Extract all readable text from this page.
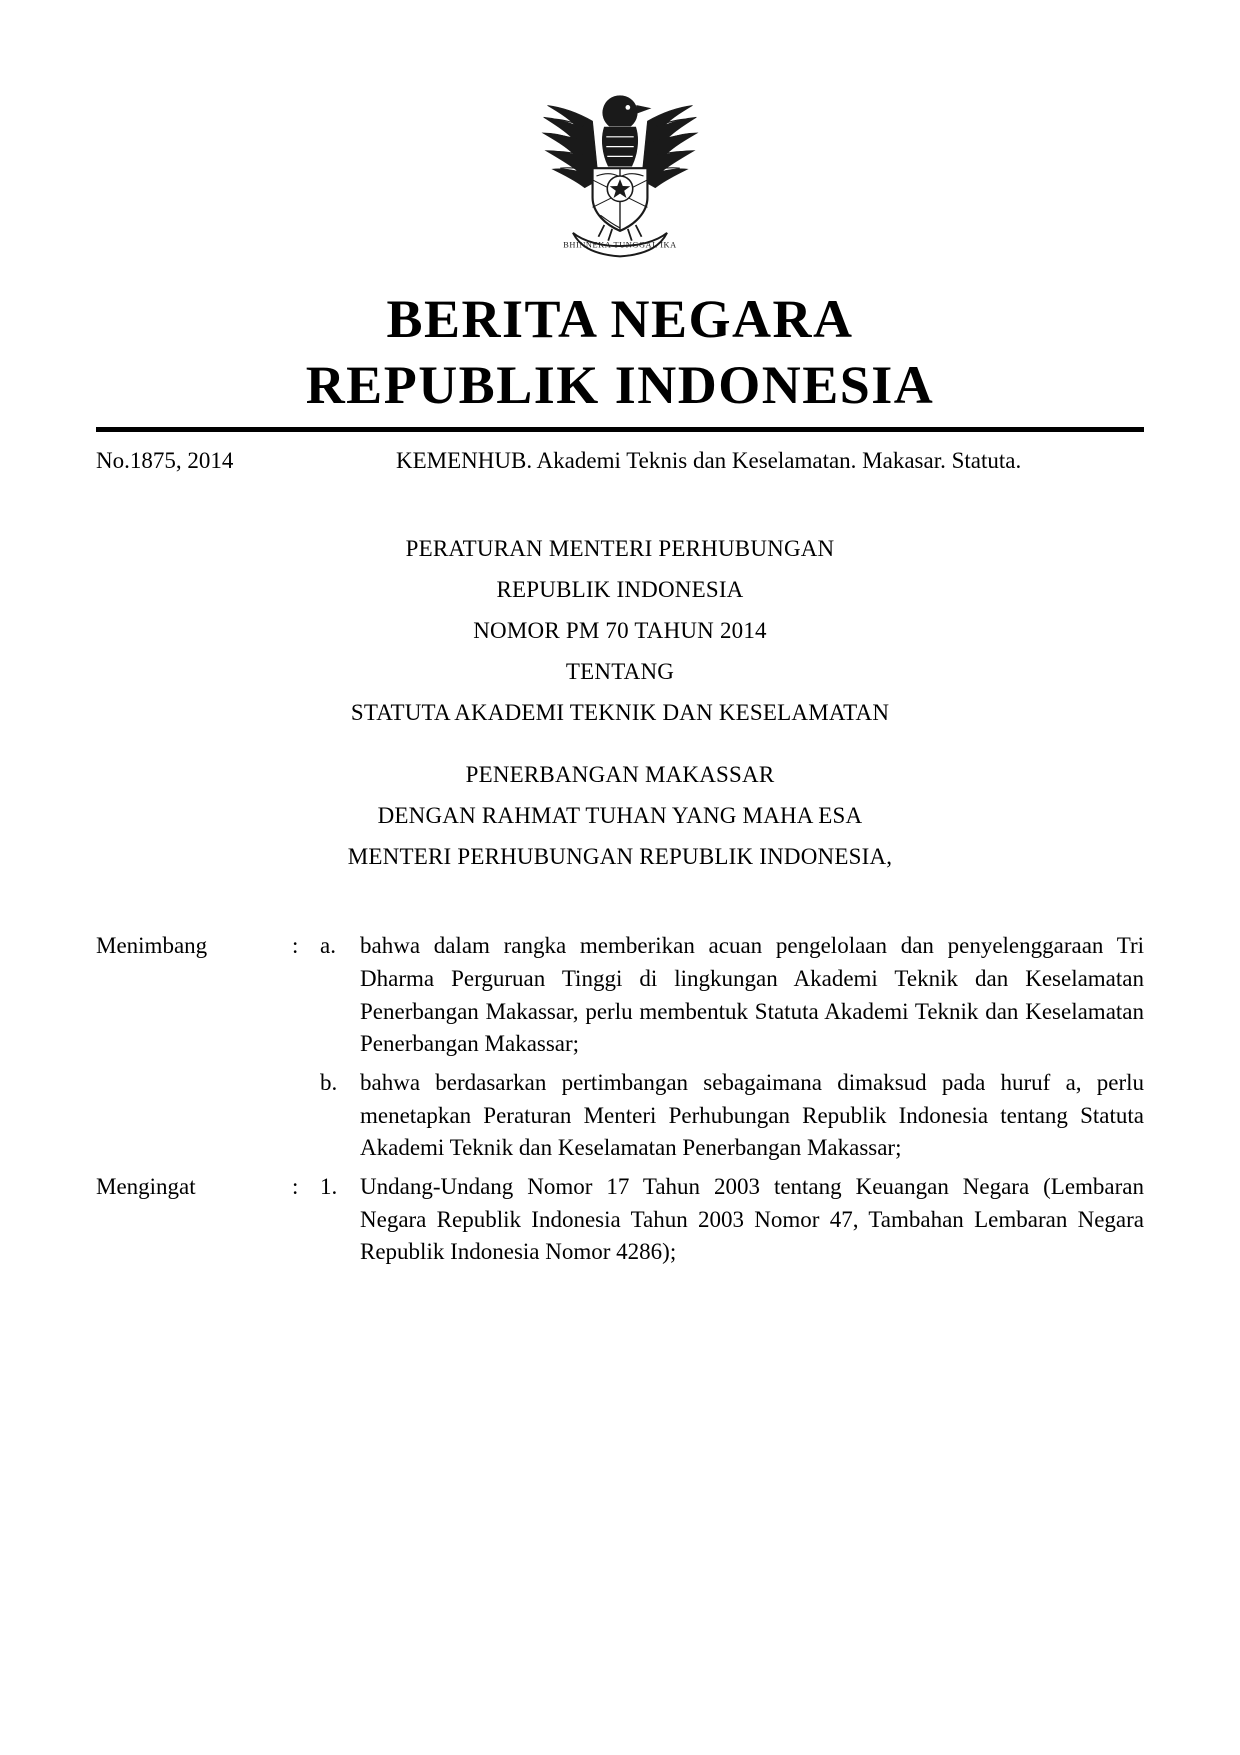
BHINNEKA TUNGGAL IKA
BERITA NEGARA
REPUBLIK INDONESIA
No.1875, 2014	KEMENHUB. Akademi Teknis dan Keselamatan. Makasar. Statuta.
PERATURAN MENTERI PERHUBUNGAN
REPUBLIK INDONESIA
NOMOR PM 70 TAHUN 2014
TENTANG
STATUTA AKADEMI TEKNIK DAN KESELAMATAN
PENERBANGAN MAKASSAR
DENGAN RAHMAT TUHAN YANG MAHA ESA
MENTERI PERHUBUNGAN REPUBLIK INDONESIA,
Menimbang	: a.	bahwa dalam rangka memberikan acuan pengelolaan dan penyelenggaraan Tri Dharma Perguruan Tinggi di lingkungan Akademi Teknik dan Keselamatan Penerbangan Makassar, perlu membentuk Statuta Akademi Teknik dan Keselamatan Penerbangan Makassar;
b. bahwa berdasarkan pertimbangan sebagaimana dimaksud pada huruf a, perlu menetapkan Peraturan Menteri Perhubungan Republik Indonesia tentang Statuta Akademi Teknik dan Keselamatan Penerbangan Makassar;
Mengingat	: 1. Undang-Undang Nomor 17 Tahun 2003 tentang Keuangan Negara (Lembaran Negara Republik Indonesia Tahun 2003 Nomor 47, Tambahan Lembaran Negara Republik Indonesia Nomor 4286);
